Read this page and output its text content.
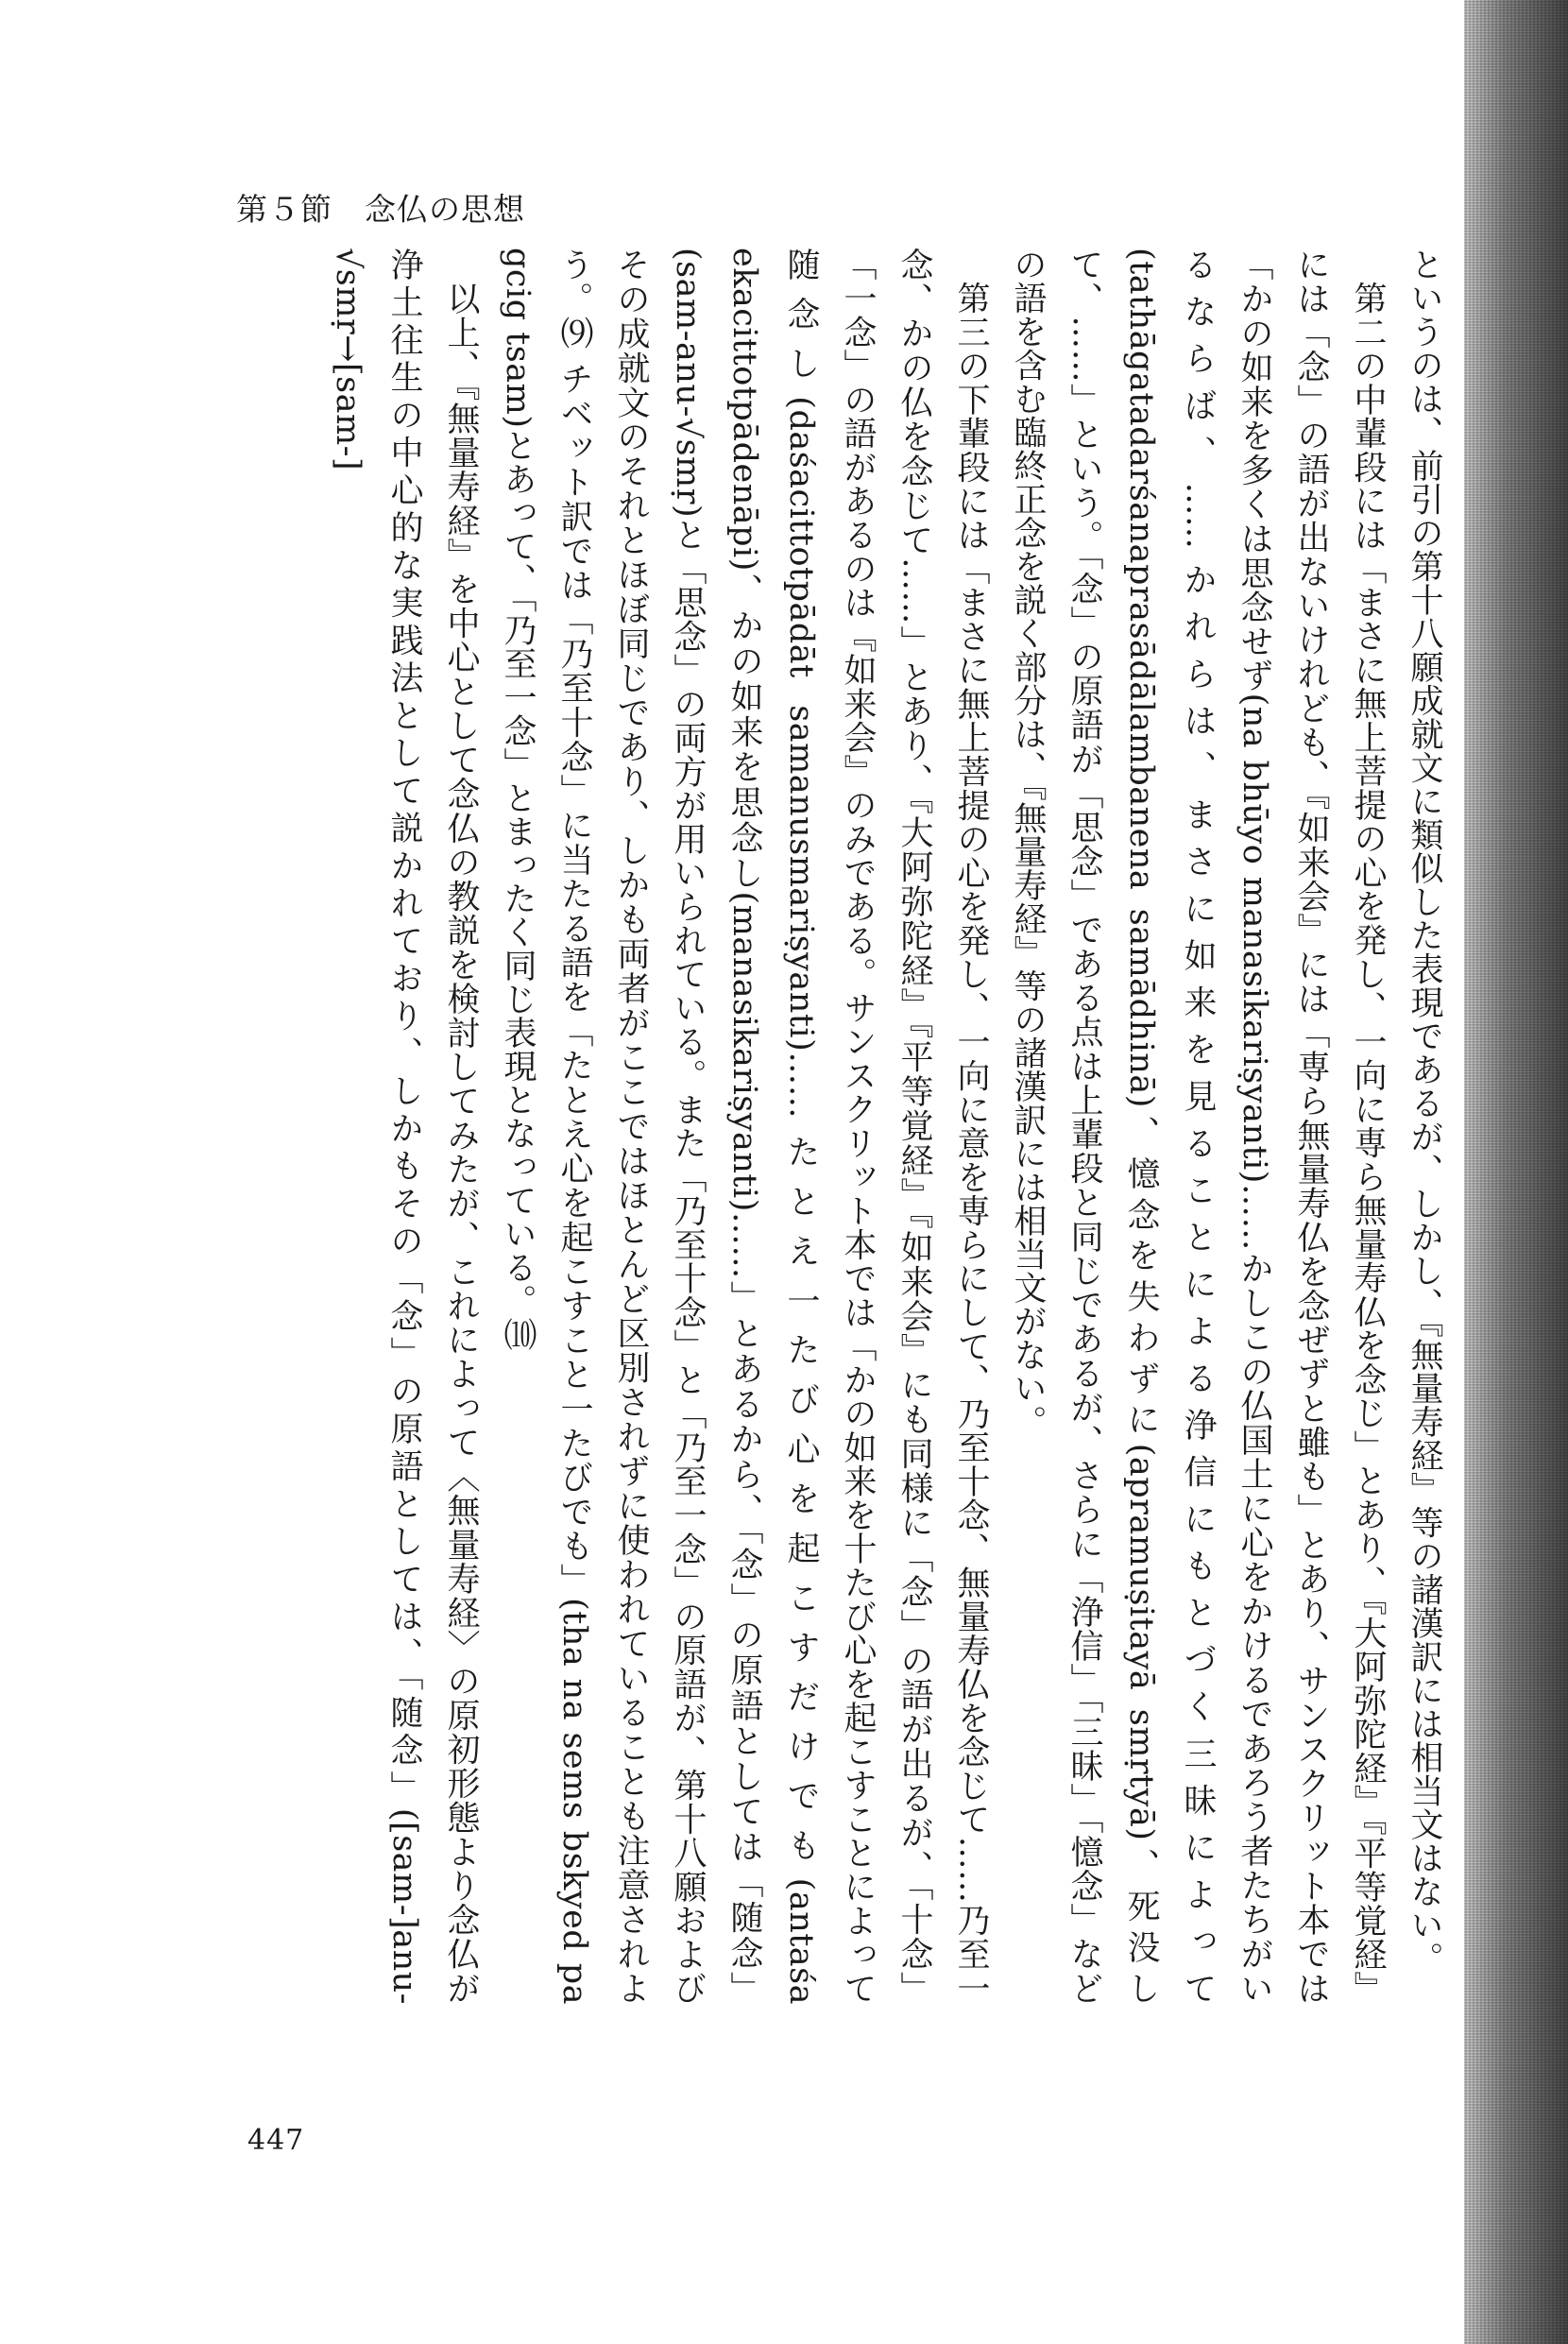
第５節　念仏の思想

というのは、前引の第十八願成就文に類似した表現であるが、しかし、『無量寿経』等の諸漢訳には相当文はない。

　第二の中輩段には「まさに無上菩提の心を発し、一向に専ら無量寿仏を念じ」とあり、『大阿弥陀経』『平等覚経』には「念」の語が出ないけれども、『如来会』には「専ら無量寿仏を念ぜずと雖も」とあり、サンスクリット本では「かの如来を多くは思念せず(na bhūyo manasikariṣyanti)……かしこの仏国土に心をかけるであろう者たちがいるならば、……かれらは、まさに如来を見ることによる浄信にもとづく三昧によって(tathāgatadarśanaprasādālambanena samādhinā)、憶念を失わずに(apramuṣitayā smṛtyā)、死没して、……」という。「念」の原語が「思念」である点は上輩段と同じであるが、さらに「浄信」「三昧」「憶念」などの語を含む臨終正念を説く部分は、『無量寿経』等の諸漢訳には相当文がない。

　第三の下輩段には「まさに無上菩提の心を発し、一向に意を専らにして、乃至十念、無量寿仏を念じて……乃至一念、かの仏を念じて……」とあり、『大阿弥陀経』『平等覚経』『如来会』にも同様に「念」の語が出るが、「十念」「一念」の語があるのは『如来会』のみである。サンスクリット本では「かの如来を十たび心を起こすことによって随念し(daśacittotpādāt samanusmariṣyanti)……たとえ一たび心を起こすだけでも(antaśa ekacittotpādenāpi)、かの如来を思念し(manasikariṣyanti)……」とあるから、「念」の原語としては「随念」(sam-anu-√smṛ)と「思念」の両方が用いられている。また「乃至十念」と「乃至一念」の原語が、第十八願およびその成就文のそれとほぼ同じであり、しかも両者がここではほとんど区別されずに使われていることも注意されよう。⑼ チベット訳では「乃至十念」に当たる語を「たとえ心を起こすこと一たびでも」(tha na sems bskyed pa gcig tsam)とあって、「乃至一念」とまったく同じ表現となっている。⑽

　以上、『無量寿経』を中心として念仏の教説を検討してみたが、これによって〈無量寿経〉の原初形態より念仏が浄土往生の中心的な実践法として説かれており、しかもその「念」の原語としては、「随念」([sam-]anu-√smṛ→[sam-]

447
